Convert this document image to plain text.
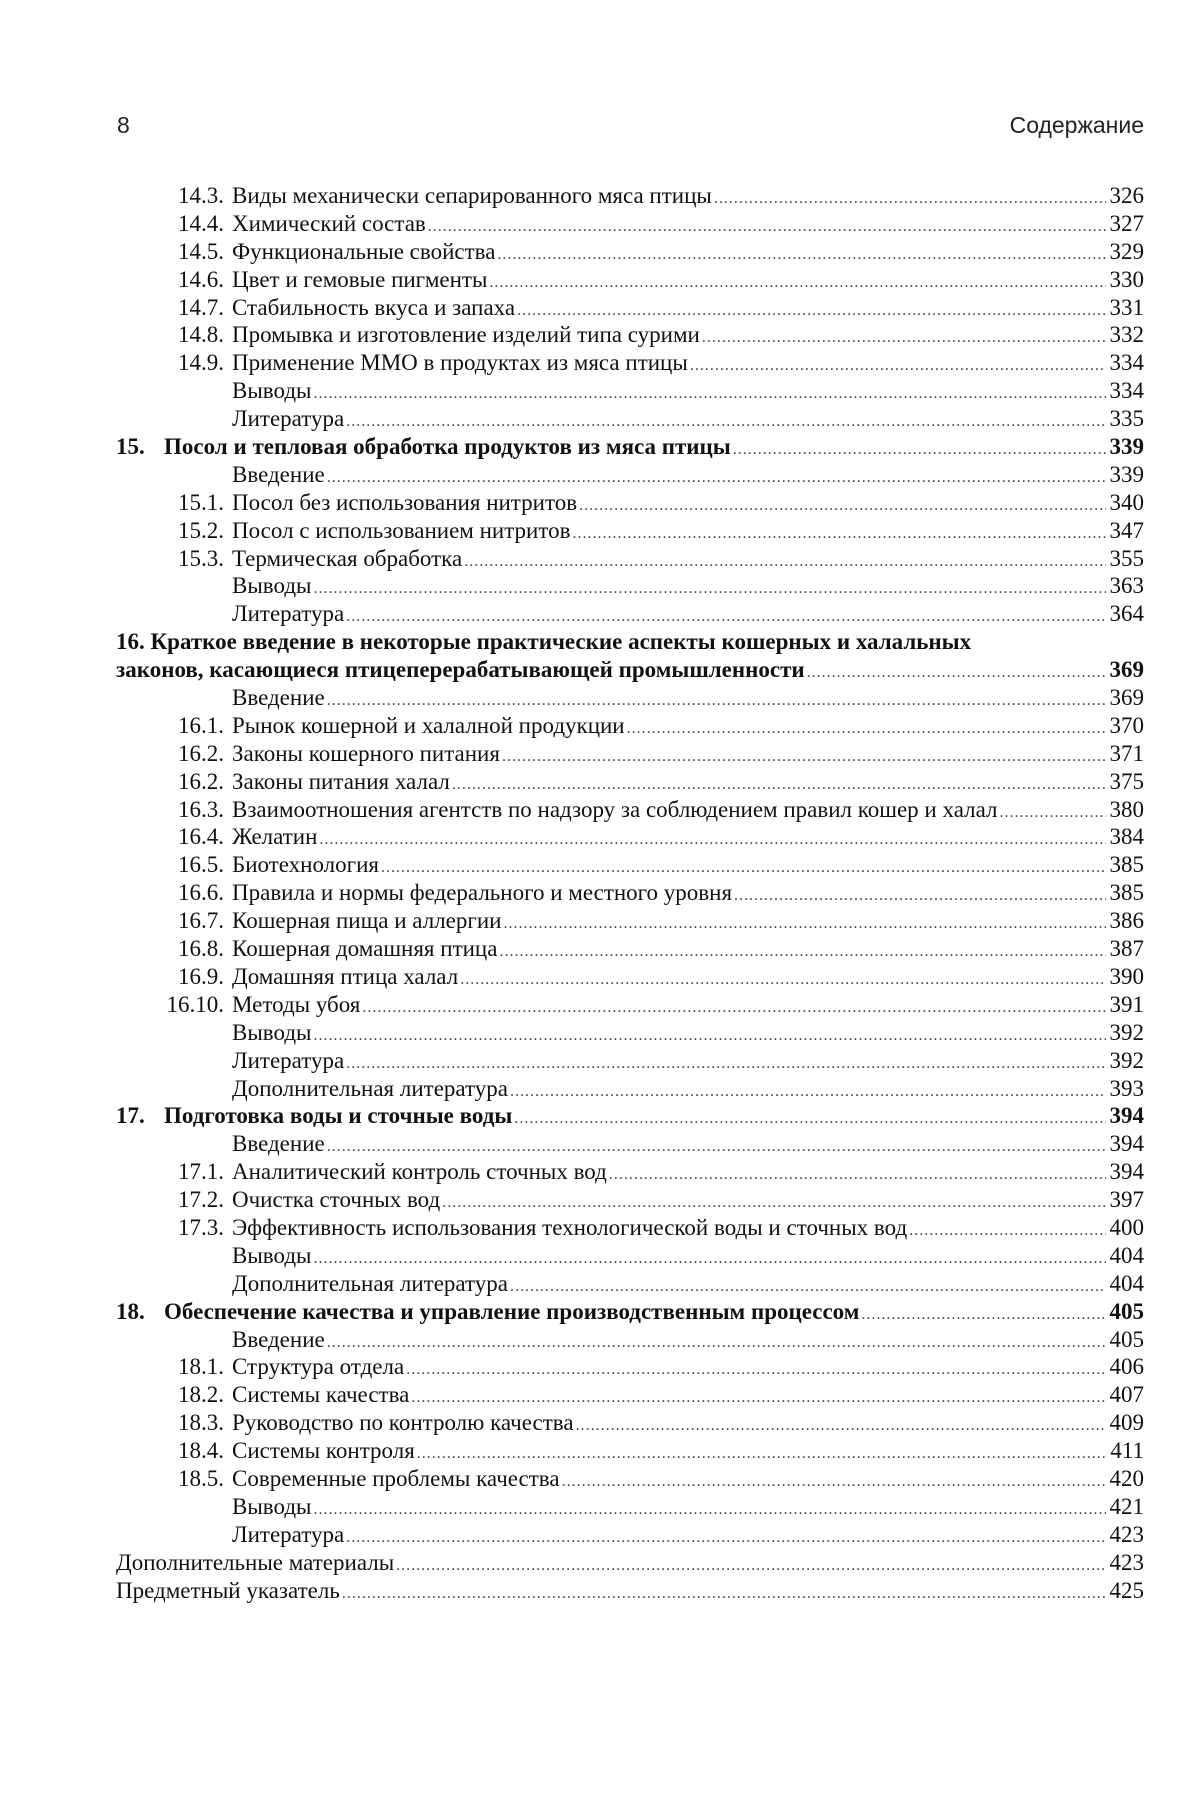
8	Содержание
14.3. Виды механически сепарированного мяса птицы .....	326
14.4. Химический состав .....	327
14.5. Функциональные свойства .....	329
14.6. Цвет и гемовые пигменты .....	330
14.7. Стабильность вкуса и запаха .....	331
14.8. Промывка и изготовление изделий типа сурими .....	332
14.9. Применение ММО в продуктах из мяса птицы .....	334
Выводы .....	334
Литература .....	335
15. Посол и тепловая обработка продуктов из мяса птицы .....	339
Введение .....	339
15.1. Посол без использования нитритов .....	340
15.2. Посол с использованием нитритов .....	347
15.3. Термическая обработка .....	355
Выводы .....	363
Литература .....	364
16. Краткое введение в некоторые практические аспекты кошерных и халальных
законов, касающиеся птицеперерабатывающей промышленности .....	369
Введение .....	369
16.1. Рынок кошерной и халалной продукции .....	370
16.2. Законы кошерного питания .....	371
16.2. Законы питания халал .....	375
16.3. Взаимоотношения агентств по надзору за соблюдением правил кошер и халал .....	380
16.4. Желатин .....	384
16.5. Биотехнология .....	385
16.6. Правила и нормы федерального и местного уровня .....	385
16.7. Кошерная пища и аллергии .....	386
16.8. Кошерная домашняя птица .....	387
16.9. Домашняя птица халал .....	390
16.10. Методы убоя .....	391
Выводы .....	392
Литература .....	392
Дополнительная литература .....	393
17. Подготовка воды и сточные воды .....	394
Введение .....	394
17.1. Аналитический контроль сточных вод .....	394
17.2. Очистка сточных вод .....	397
17.3. Эффективность использования технологической воды и сточных вод .....	400
Выводы .....	404
Дополнительная литература .....	404
18. Обеспечение качества и управление производственным процессом .....	405
Введение .....	405
18.1. Структура отдела .....	406
18.2. Системы качества .....	407
18.3. Руководство по контролю качества .....	409
18.4. Системы контроля .....	411
18.5. Современные проблемы качества .....	420
Выводы .....	421
Литература .....	423
Дополнительные материалы .....	423
Предметный указатель .....	425
